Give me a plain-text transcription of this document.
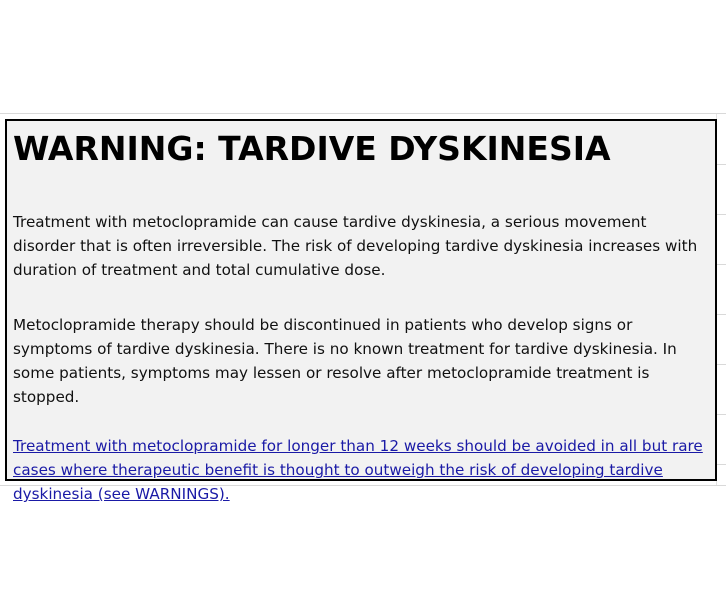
WARNING: TARDIVE DYSKINESIA

Treatment with metoclopramide can cause tardive dyskinesia, a serious movement disorder that is often irreversible. The risk of developing tardive dyskinesia increases with duration of treatment and total cumulative dose.

Metoclopramide therapy should be discontinued in patients who develop signs or symptoms of tardive dyskinesia. There is no known treatment for tardive dyskinesia. In some patients, symptoms may lessen or resolve after metoclopramide treatment is stopped.

Treatment with metoclopramide for longer than 12 weeks should be avoided in all but rare cases where therapeutic benefit is thought to outweigh the risk of developing tardive dyskinesia (see WARNINGS).
